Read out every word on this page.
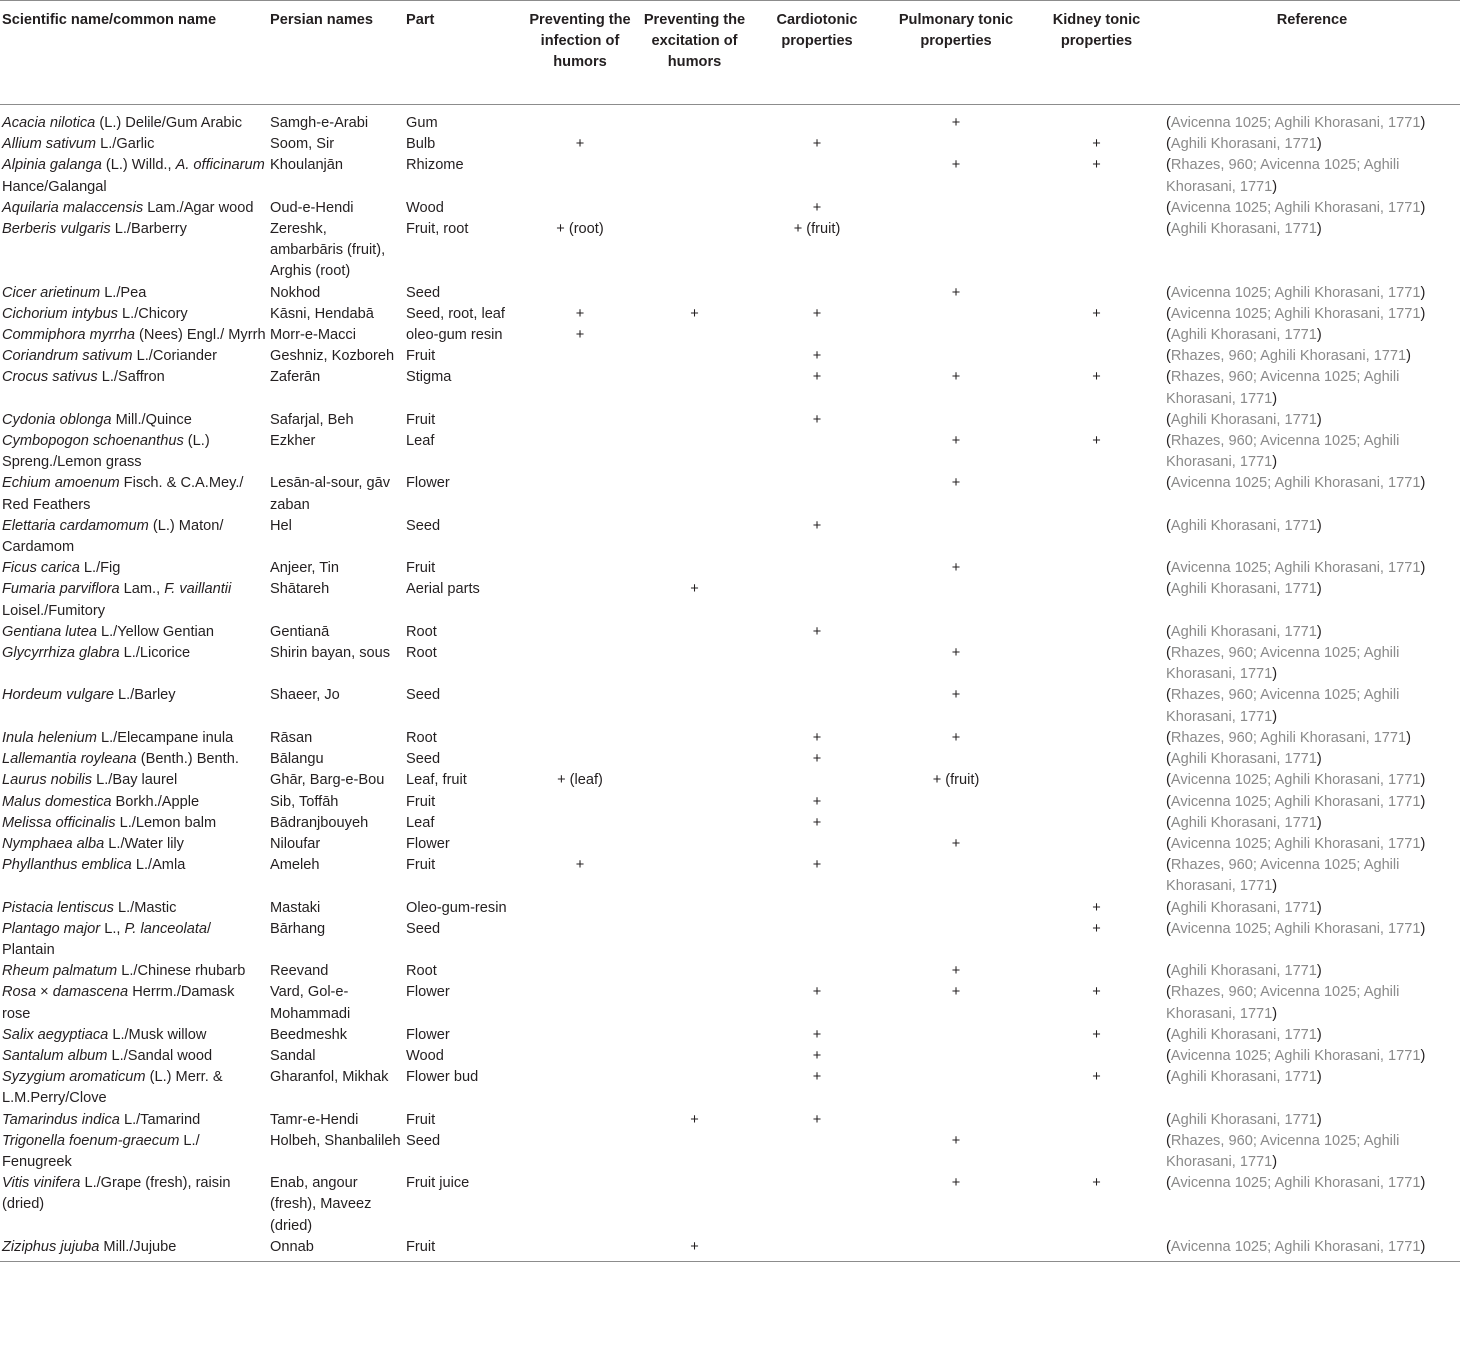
Scientific name/common name	Persian names	Part	Preventing the infection of humors	Preventing the excitation of humors	Cardiotonic properties	Pulmonary tonic properties	Kidney tonic properties	Reference
Acacia nilotica (L.) Delile/Gum Arabic	Samgh-e-Arabi	Gum				+		(Avicenna 1025; Aghili Khorasani, 1771)
Allium sativum L./Garlic	Soom, Sir	Bulb	+		+		+	(Aghili Khorasani, 1771)
Alpinia galanga (L.) Willd., A. officinarum Hance/Galangal	Khoulanjān	Rhizome				+	+	(Rhazes, 960; Avicenna 1025; Aghili Khorasani, 1771)
Aquilaria malaccensis Lam./Agar wood	Oud-e-Hendi	Wood			+			(Avicenna 1025; Aghili Khorasani, 1771)
Berberis vulgaris L./Barberry	Zereshk, ambarbāris (fruit), Arghis (root)	Fruit, root	+ (root)		+ (fruit)			(Aghili Khorasani, 1771)
Cicer arietinum L./Pea	Nokhod	Seed				+		(Avicenna 1025; Aghili Khorasani, 1771)
Cichorium intybus L./Chicory	Kāsni, Hendabā	Seed, root, leaf	+	+	+		+	(Avicenna 1025; Aghili Khorasani, 1771)
Commiphora myrrha (Nees) Engl./ Myrrh	Morr-e-Macci	oleo-gum resin	+					(Aghili Khorasani, 1771)
Coriandrum sativum L./Coriander	Geshniz, Kozboreh	Fruit			+			(Rhazes, 960; Aghili Khorasani, 1771)
Crocus sativus L./Saffron	Zaferān	Stigma			+	+	+	(Rhazes, 960; Avicenna 1025; Aghili Khorasani, 1771)
Cydonia oblonga Mill./Quince	Safarjal, Beh	Fruit			+			(Aghili Khorasani, 1771)
Cymbopogon schoenanthus (L.) Spreng./Lemon grass	Ezkher	Leaf				+	+	(Rhazes, 960; Avicenna 1025; Aghili Khorasani, 1771)
Echium amoenum Fisch. & C.A.Mey./ Red Feathers	Lesān-al-sour, gāv zaban	Flower				+		(Avicenna 1025; Aghili Khorasani, 1771)
Elettaria cardamomum (L.) Maton/ Cardamom	Hel	Seed			+			(Aghili Khorasani, 1771)
Ficus carica L./Fig	Anjeer, Tin	Fruit				+		(Avicenna 1025; Aghili Khorasani, 1771)
Fumaria parviflora Lam., F. vaillantii Loisel./Fumitory	Shātareh	Aerial parts		+				(Aghili Khorasani, 1771)
Gentiana lutea L./Yellow Gentian	Gentianā	Root			+			(Aghili Khorasani, 1771)
Glycyrrhiza glabra L./Licorice	Shirin bayan, sous	Root				+		(Rhazes, 960; Avicenna 1025; Aghili Khorasani, 1771)
Hordeum vulgare L./Barley	Shaeer, Jo	Seed				+		(Rhazes, 960; Avicenna 1025; Aghili Khorasani, 1771)
Inula helenium L./Elecampane inula	Rāsan	Root			+	+		(Rhazes, 960; Aghili Khorasani, 1771)
Lallemantia royleana (Benth.) Benth.	Bālangu	Seed			+			(Aghili Khorasani, 1771)
Laurus nobilis L./Bay laurel	Ghār, Barg-e-Bou	Leaf, fruit	+ (leaf)			+ (fruit)		(Avicenna 1025; Aghili Khorasani, 1771)
Malus domestica Borkh./Apple	Sib, Toffāh	Fruit			+			(Avicenna 1025; Aghili Khorasani, 1771)
Melissa officinalis L./Lemon balm	Bādranjbouyeh	Leaf			+			(Aghili Khorasani, 1771)
Nymphaea alba L./Water lily	Niloufar	Flower				+		(Avicenna 1025; Aghili Khorasani, 1771)
Phyllanthus emblica L./Amla	Ameleh	Fruit	+		+			(Rhazes, 960; Avicenna 1025; Aghili Khorasani, 1771)
Pistacia lentiscus L./Mastic	Mastaki	Oleo-gum-resin					+	(Aghili Khorasani, 1771)
Plantago major L., P. lanceolata/ Plantain	Bārhang	Seed					+	(Avicenna 1025; Aghili Khorasani, 1771)
Rheum palmatum L./Chinese rhubarb	Reevand	Root				+		(Aghili Khorasani, 1771)
Rosa × damascena Herrm./Damask rose	Vard, Gol-e-Mohammadi	Flower			+	+	+	(Rhazes, 960; Avicenna 1025; Aghili Khorasani, 1771)
Salix aegyptiaca L./Musk willow	Beedmeshk	Flower			+		+	(Aghili Khorasani, 1771)
Santalum album L./Sandal wood	Sandal	Wood			+			(Avicenna 1025; Aghili Khorasani, 1771)
Syzygium aromaticum (L.) Merr. & L.M.Perry/Clove	Gharanfol, Mikhak	Flower bud			+		+	(Aghili Khorasani, 1771)
Tamarindus indica L./Tamarind	Tamr-e-Hendi	Fruit		+	+			(Aghili Khorasani, 1771)
Trigonella foenum-graecum L./ Fenugreek	Holbeh, Shanbalileh	Seed				+		(Rhazes, 960; Avicenna 1025; Aghili Khorasani, 1771)
Vitis vinifera L./Grape (fresh), raisin (dried)	Enab, angour (fresh), Maveez (dried)	Fruit juice				+	+	(Avicenna 1025; Aghili Khorasani, 1771)
Ziziphus jujuba Mill./Jujube	Onnab	Fruit		+				(Avicenna 1025; Aghili Khorasani, 1771)
